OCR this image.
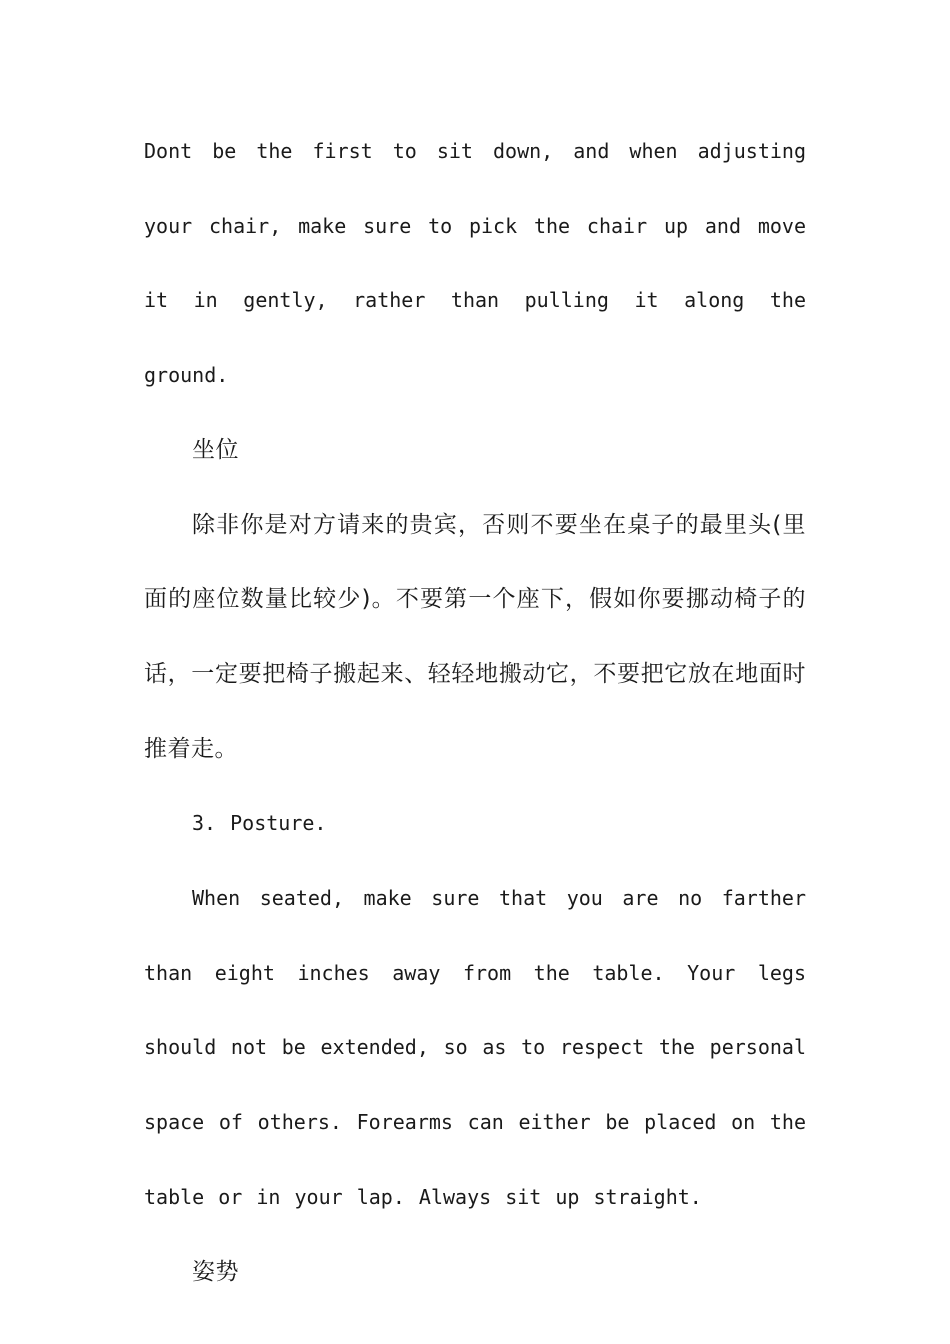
Dont be the first to sit down, and when adjusting your chair, make sure to pick the chair up and move it in gently, rather than pulling it along the ground.

坐位

除非你是对方请来的贵宾，否则不要坐在桌子的最里头(里面的座位数量比较少)。不要第一个座下，假如你要挪动椅子的话，一定要把椅子搬起来、轻轻地搬动它，不要把它放在地面时推着走。

3. Posture.

When seated, make sure that you are no farther than eight inches away from the table. Your legs should not be extended, so as to respect the personal space of others. Forearms can either be placed on the table or in your lap. Always sit up straight.

姿势
